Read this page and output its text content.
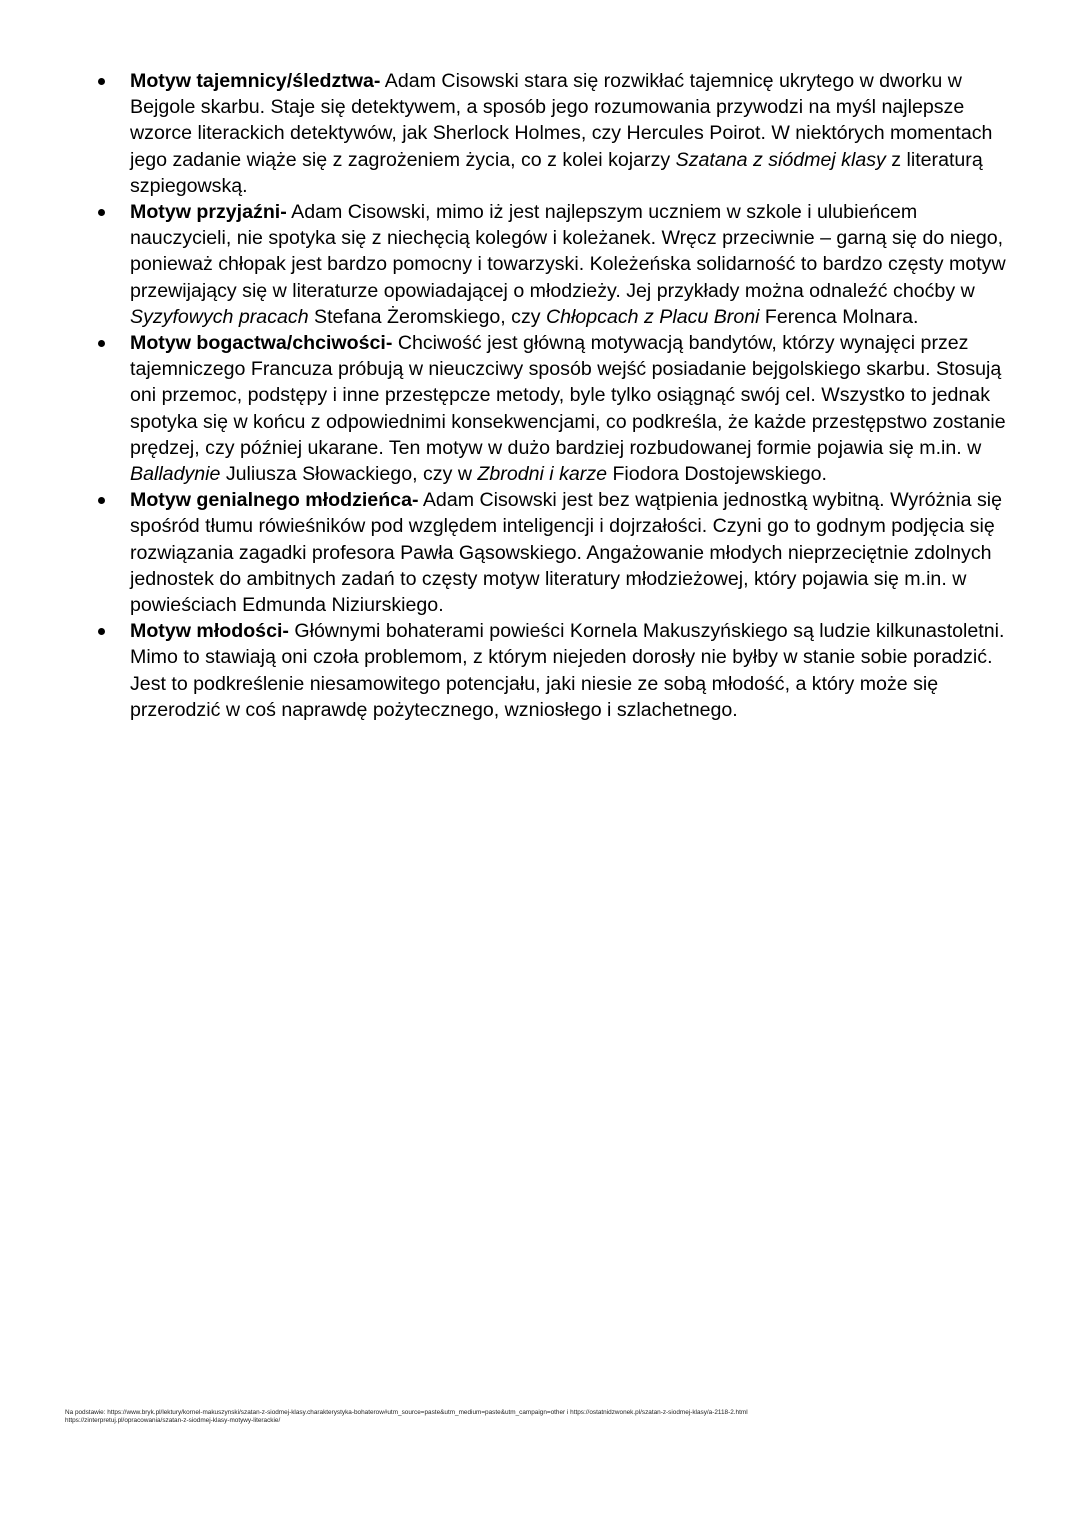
Motyw tajemnicy/śledztwa- Adam Cisowski stara się rozwikłać tajemnicę ukrytego w dworku w Bejgole skarbu. Staje się detektywem, a sposób jego rozumowania przywodzi na myśl najlepsze wzorce literackich detektywów, jak Sherlock Holmes, czy Hercules Poirot. W niektórych momentach jego zadanie wiąże się z zagrożeniem życia, co z kolei kojarzy Szatana z siódmej klasy z literaturą szpiegowską.
Motyw przyjaźni- Adam Cisowski, mimo iż jest najlepszym uczniem w szkole i ulubieńcem nauczycieli, nie spotyka się z niechęcią kolegów i koleżanek. Wręcz przeciwnie – garną się do niego, ponieważ chłopak jest bardzo pomocny i towarzyski. Koleżeńska solidarność to bardzo częsty motyw przewijający się w literaturze opowiadającej o młodzieży. Jej przykłady można odnaleźć choćby w Syzyfowych pracach Stefana Żeromskiego, czy Chłopcach z Placu Broni Ferenca Molnara.
Motyw bogactwa/chciwości- Chciwość jest główną motywacją bandytów, którzy wynajęci przez tajemniczego Francuza próbują w nieuczciwy sposób wejść posiadanie bejgolskiego skarbu. Stosują oni przemoc, podstępy i inne przestępcze metody, byle tylko osiągnąć swój cel. Wszystko to jednak spotyka się w końcu z odpowiednimi konsekwencjami, co podkreśla, że każde przestępstwo zostanie prędzej, czy później ukarane. Ten motyw w dużo bardziej rozbudowanej formie pojawia się m.in. w Balladynie Juliusza Słowackiego, czy w Zbrodni i karze Fiodora Dostojewskiego.
Motyw genialnego młodzieńca- Adam Cisowski jest bez wątpienia jednostką wybitną. Wyróżnia się spośród tłumu rówieśników pod względem inteligencji i dojrzałości. Czyni go to godnym podjęcia się rozwiązania zagadki profesora Pawła Gąsowskiego. Angażowanie młodych nieprzeciętnie zdolnych jednostek do ambitnych zadań to częsty motyw literatury młodzieżowej, który pojawia się m.in. w powieściach Edmunda Niziurskiego.
Motyw młodości- Głównymi bohaterami powieści Kornela Makuszyńskiego są ludzie kilkunastoletni. Mimo to stawiają oni czoła problemom, z którym niejeden dorosły nie byłby w stanie sobie poradzić. Jest to podkreślenie niesamowitego potencjału, jaki niesie ze sobą młodość, a który może się przerodzić w coś naprawdę pożytecznego, wzniosłego i szlachetnego.
Na podstawie: https://www.bryk.pl/lektury/kornel-makuszynski/szatan-z-siodmej-klasy.charakterystyka-bohaterow#utm_source=paste&utm_medium=paste&utm_campaign=other i https://ostatnidzwonek.pl/szatan-z-siodmej-klasy/a-2118-2.html
https://zinterpretuj.pl/opracowania/szatan-z-siodmej-klasy-motywy-literackie/
